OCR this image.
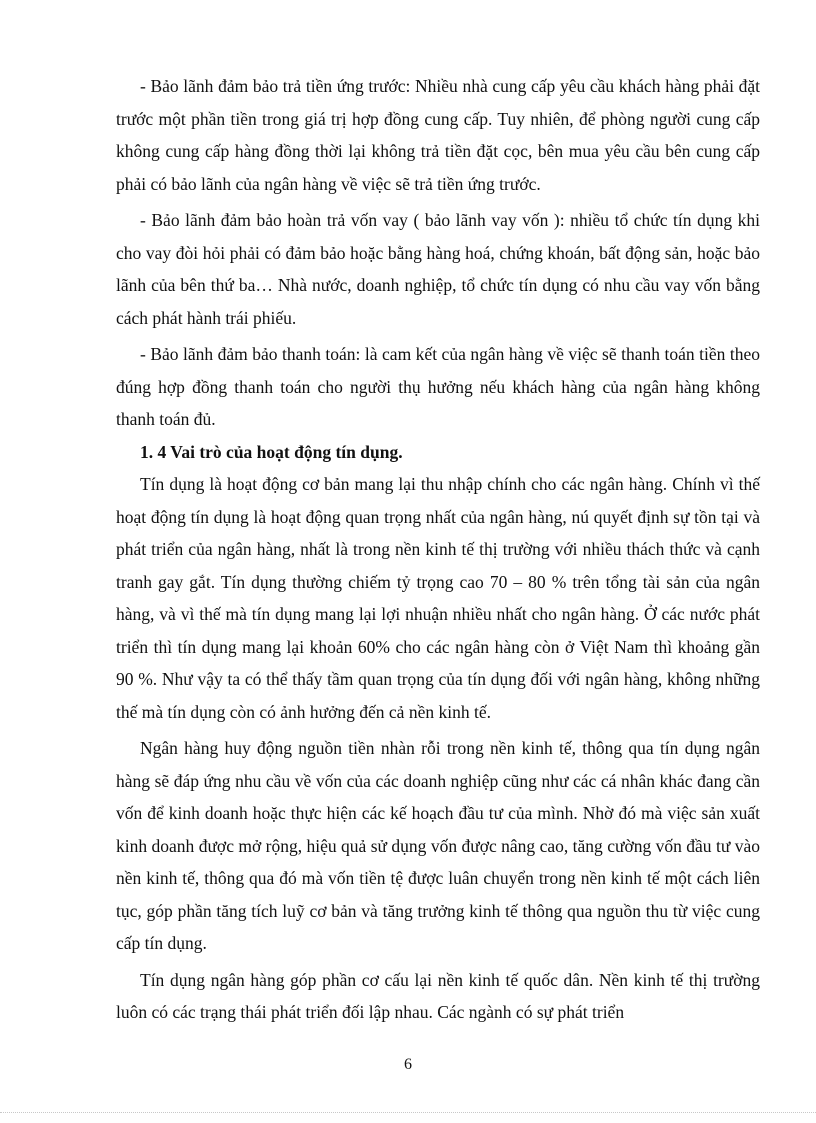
- Bảo lãnh đảm bảo trả tiền ứng trước: Nhiều nhà cung cấp yêu cầu khách hàng phải đặt trước một phần tiền trong giá trị hợp đồng cung cấp. Tuy nhiên, để phòng người cung cấp không cung cấp hàng đồng thời lại không trả tiền đặt cọc, bên mua yêu cầu bên cung cấp phải có bảo lãnh của ngân hàng về việc sẽ trả tiền ứng trước.

- Bảo lãnh đảm bảo hoàn trả vốn vay ( bảo lãnh vay vốn ): nhiều tổ chức tín dụng khi cho vay đòi hỏi phải có đảm bảo hoặc bằng hàng hoá, chứng khoán, bất động sản, hoặc bảo lãnh của bên thứ ba… Nhà nước, doanh nghiệp, tổ chức tín dụng có nhu cầu vay vốn bằng cách phát hành trái phiếu.

- Bảo lãnh đảm bảo thanh toán: là cam kết của ngân hàng về việc sẽ thanh toán tiền theo đúng hợp đồng thanh toán cho người thụ hưởng nếu khách hàng của ngân hàng không thanh toán đủ.

1. 4 Vai trò của hoạt động tín dụng.

Tín dụng là hoạt động cơ bản mang lại thu nhập chính cho các ngân hàng. Chính vì thế hoạt động tín dụng là hoạt động quan trọng nhất của ngân hàng, nú quyết định sự tồn tại và phát triển của ngân hàng, nhất là trong nền kinh tế thị trường với nhiều thách thức và cạnh tranh gay gắt. Tín dụng thường chiếm tỷ trọng cao 70 – 80 % trên tổng tài sản của ngân hàng, và vì thế mà tín dụng mang lại lợi nhuận nhiều nhất cho ngân hàng. Ở các nước phát triển thì tín dụng mang lại khoản 60% cho các ngân hàng còn ở Việt Nam thì khoảng gần 90 %. Như vậy ta có thể thấy tầm quan trọng của tín dụng đối với ngân hàng, không những thế mà tín dụng còn có ảnh hưởng đến cả nền kinh tế.

Ngân hàng huy động nguồn tiền nhàn rỗi trong nền kinh tế, thông qua tín dụng ngân hàng sẽ đáp ứng nhu cầu về vốn của các doanh nghiệp cũng như các cá nhân khác đang cần vốn để kinh doanh hoặc thực hiện các kế hoạch đầu tư của mình. Nhờ đó mà việc sản xuất kinh doanh được mở rộng, hiệu quả sử dụng vốn được nâng cao, tăng cường vốn đầu tư vào nền kinh tế, thông qua đó mà vốn tiền tệ được luân chuyển trong nền kinh tế một cách liên tục, góp phần tăng tích luỹ cơ bản và tăng trưởng kinh tế thông qua nguồn thu từ việc cung cấp tín dụng.

Tín dụng ngân hàng góp phần cơ cấu lại nền kinh tế quốc dân. Nền kinh tế thị trường luôn có các trạng thái phát triển đối lập nhau. Các ngành có sự phát triển

6
